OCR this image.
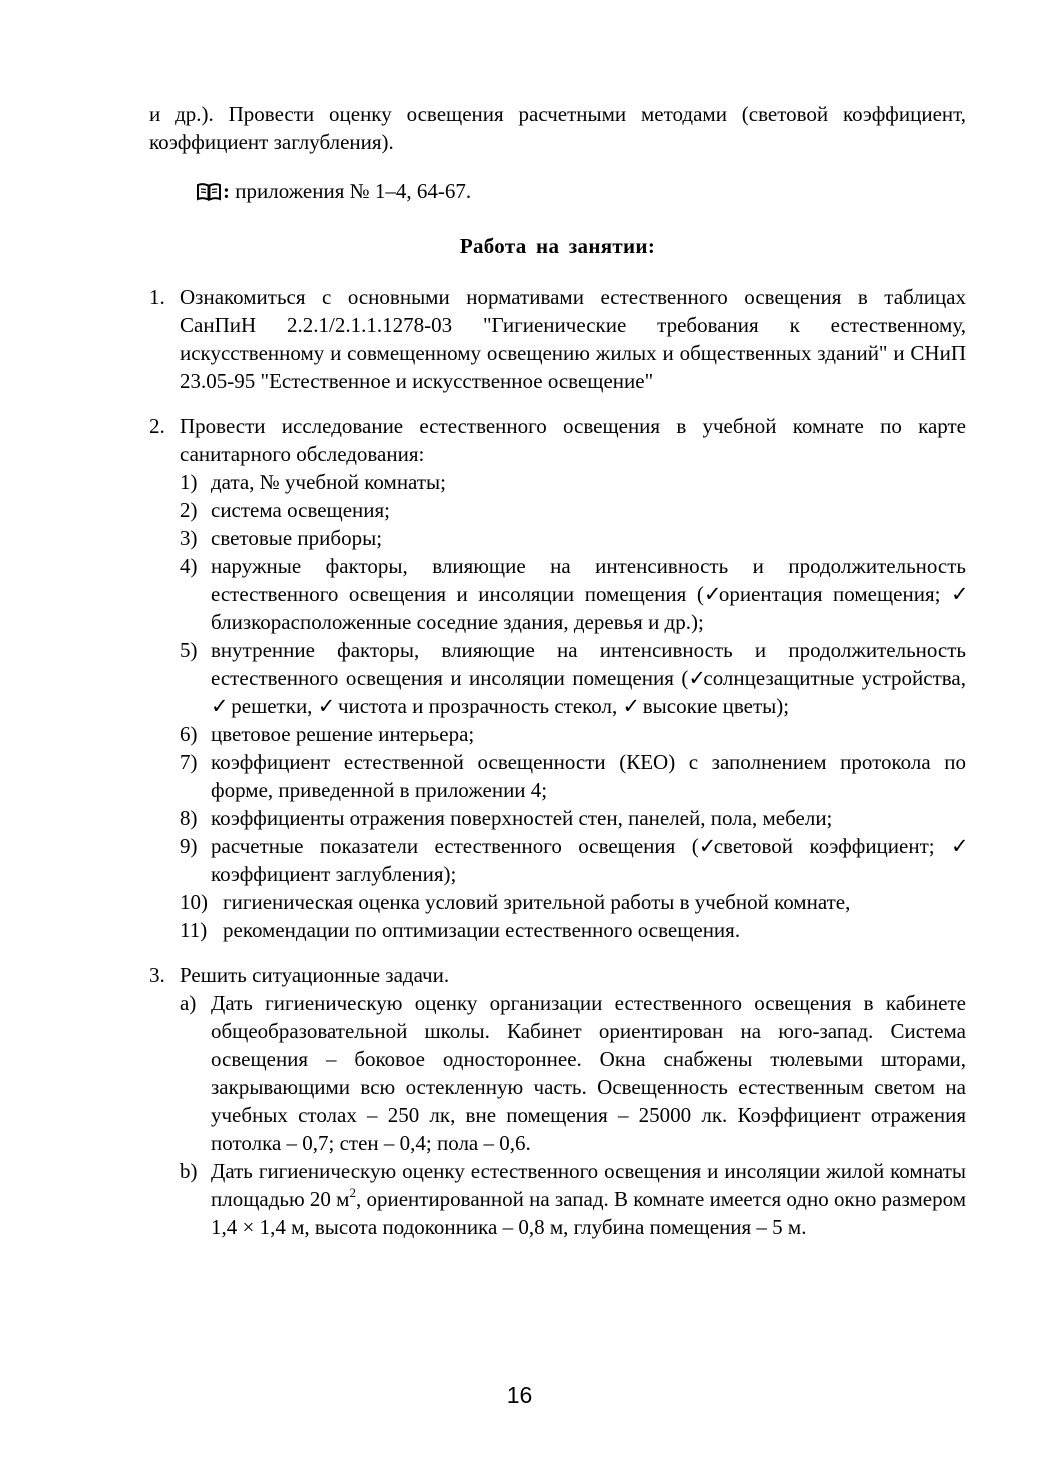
и др.). Провести оценку освещения расчетными методами (световой коэффициент, коэффициент заглубления).

: приложения № 1–4, 64-67.
Работа на занятии:
1. Ознакомиться с основными нормативами естественного освещения в таблицах СанПиН 2.2.1/2.1.1.1278-03 "Гигиенические требования к естественному, искусственному и совмещенному освещению жилых и общественных зданий" и СНиП 23.05-95 "Естественное и искусственное освещение"
2. Провести исследование естественного освещения в учебной комнате по карте санитарного обследования:
1) дата, № учебной комнаты;
2) система освещения;
3) световые приборы;
4) наружные факторы, влияющие на интенсивность и продолжительность естественного освещения и инсоляции помещения (✓ориентация помещения; ✓близкорасположенные соседние здания, деревья и др.);
5) внутренние факторы, влияющие на интенсивность и продолжительность естественного освещения и инсоляции помещения (✓солнцезащитные устройства, ✓ решетки, ✓ чистота и прозрачность стекол, ✓ высокие цветы);
6) цветовое решение интерьера;
7) коэффициент естественной освещенности (КЕО) с заполнением протокола по форме, приведенной в приложении 4;
8) коэффициенты отражения поверхностей стен, панелей, пола, мебели;
9) расчетные показатели естественного освещения (✓световой коэффициент; ✓ коэффициент заглубления);
10) гигиеническая оценка условий зрительной работы в учебной комнате,
11) рекомендации по оптимизации естественного освещения.
3. Решить ситуационные задачи.
a) Дать гигиеническую оценку организации естественного освещения в кабинете общеобразовательной школы. Кабинет ориентирован на юго-запад. Система освещения – боковое одностороннее. Окна снабжены тюлевыми шторами, закрывающими всю остекленную часть. Освещенность естественным светом на учебных столах – 250 лк, вне помещения – 25000 лк. Коэффициент отражения потолка – 0,7; стен – 0,4; пола – 0,6.
b) Дать гигиеническую оценку естественного освещения и инсоляции жилой комнаты площадью 20 $м^2$, ориентированной на запад. В комнате имеется одно окно размером 1,4 × 1,4 м, высота подоконника – 0,8 м, глубина помещения – 5 м.
16
